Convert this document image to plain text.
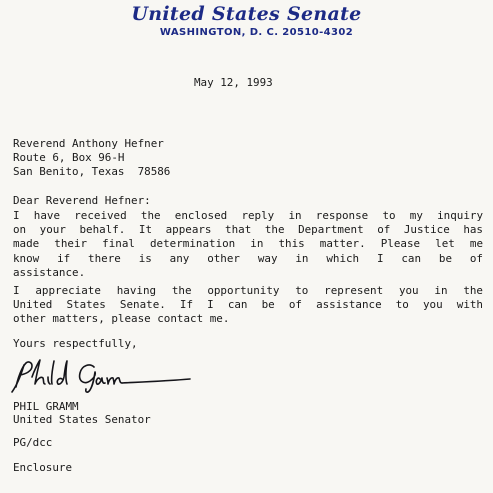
United States Senate
WASHINGTON, D. C. 20510-4302
May 12, 1993
Reverend Anthony Hefner
Route 6, Box 96-H
San Benito, Texas  78586
Dear Reverend Hefner:
I have received the enclosed reply in response to my inquiry
on your behalf. It appears that the Department of Justice has
made their final determination in this matter. Please let me
know if there is any other way in which I can be of
assistance.
I appreciate having the opportunity to represent you in the
United States Senate. If I can be of assistance to you with
other matters, please contact me.
Yours respectfully,
PHIL GRAMM
United States Senator
PG/dcc
Enclosure
